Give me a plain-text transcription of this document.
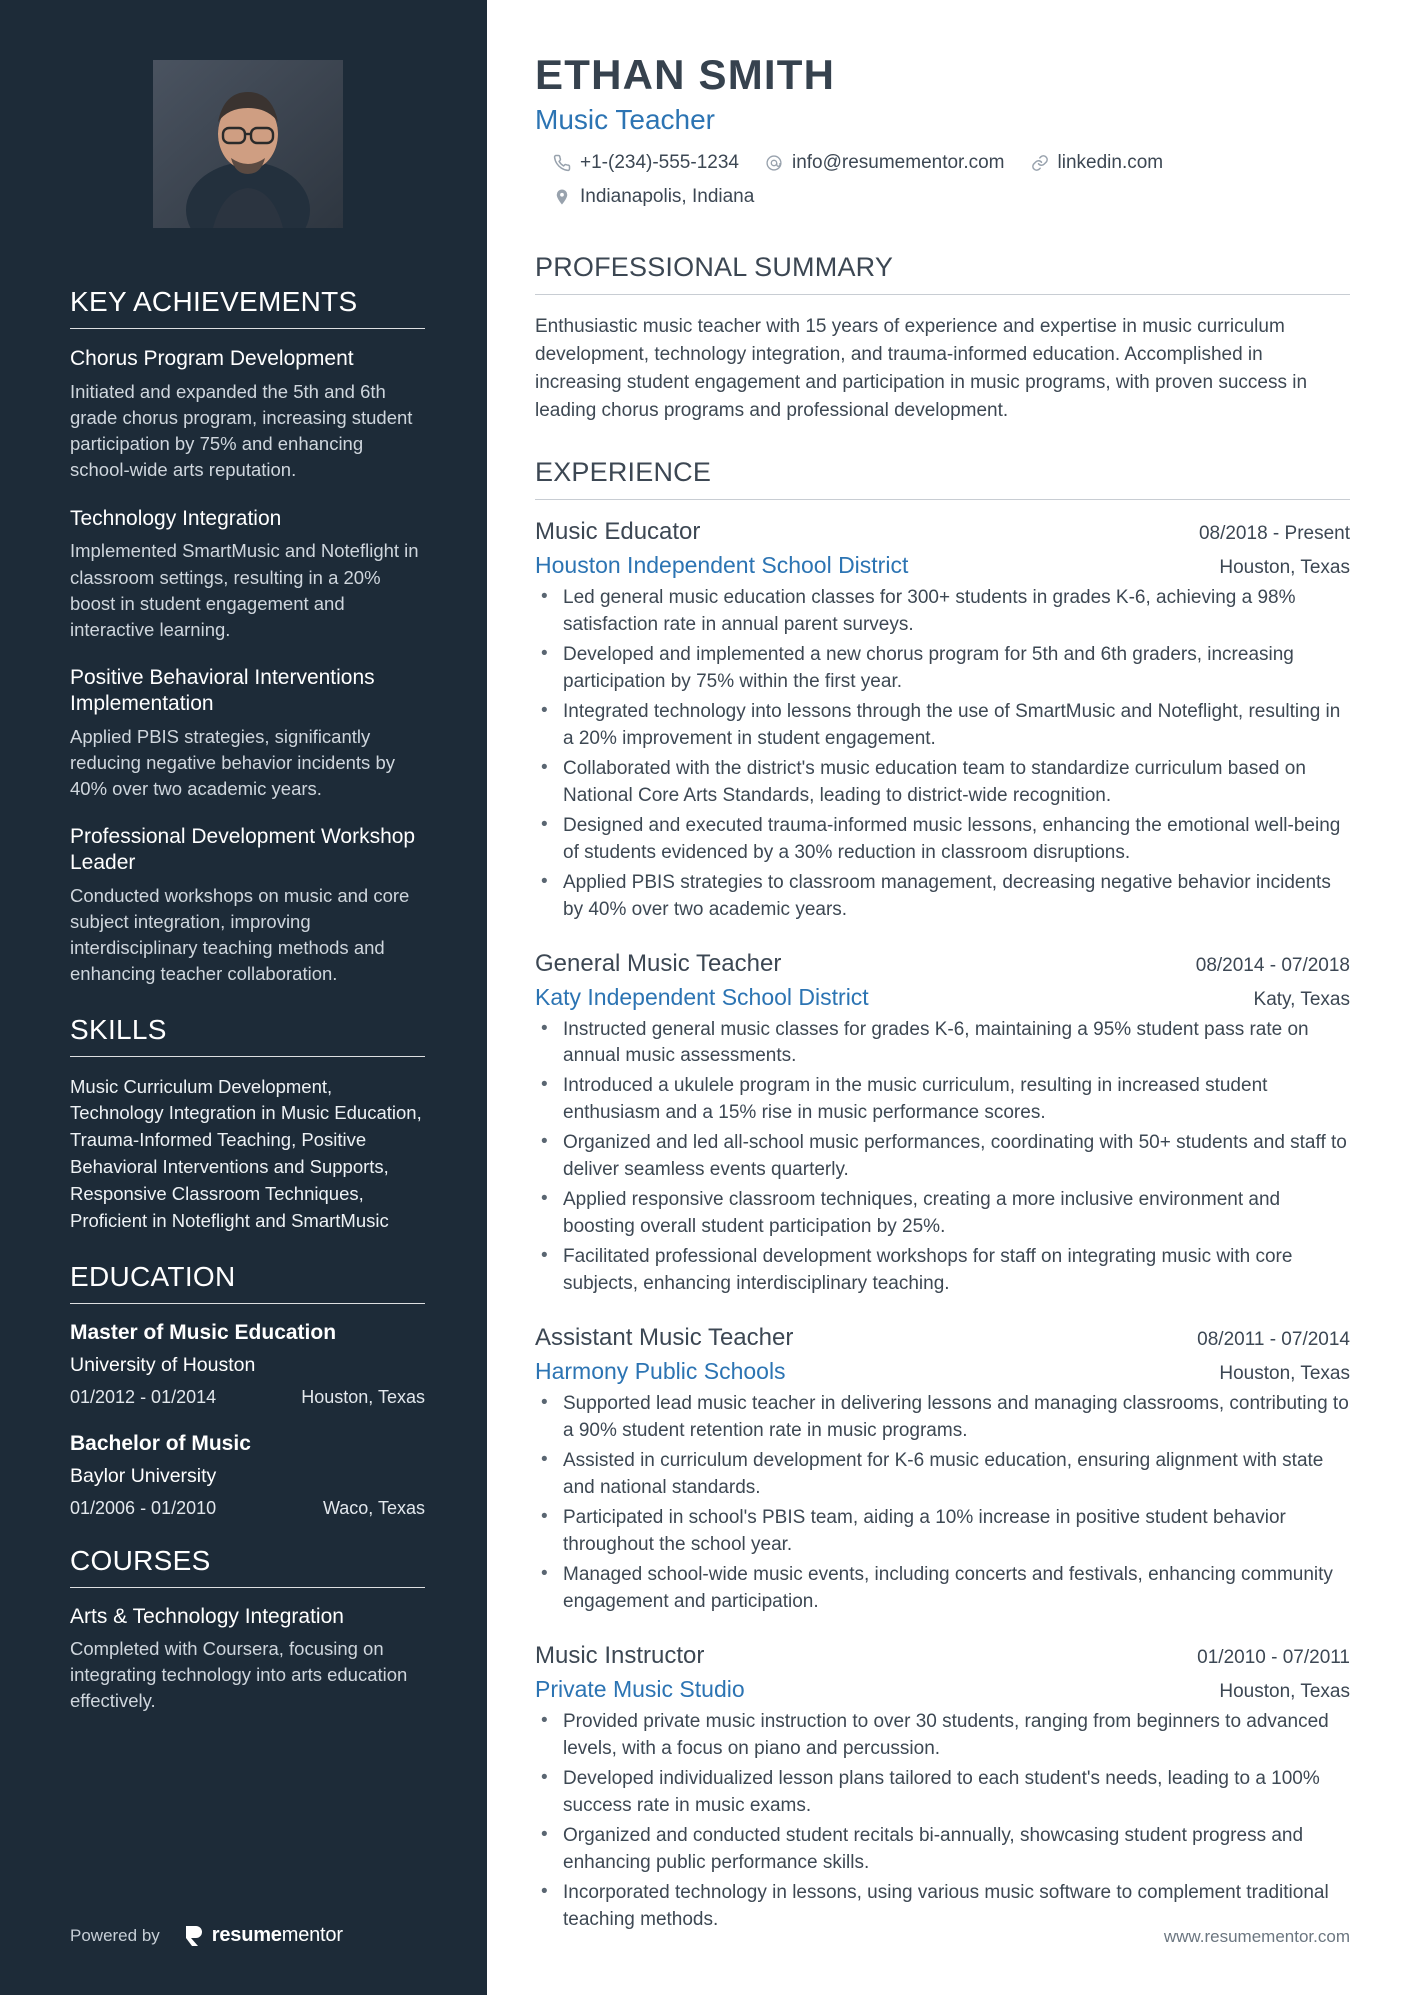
KEY ACHIEVEMENTS
Chorus Program Development
Initiated and expanded the 5th and 6th grade chorus program, increasing student participation by 75% and enhancing school-wide arts reputation.
Technology Integration
Implemented SmartMusic and Noteflight in classroom settings, resulting in a 20% boost in student engagement and interactive learning.
Positive Behavioral Interventions Implementation
Applied PBIS strategies, significantly reducing negative behavior incidents by 40% over two academic years.
Professional Development Workshop Leader
Conducted workshops on music and core subject integration, improving interdisciplinary teaching methods and enhancing teacher collaboration.
SKILLS

Music Curriculum Development, Technology Integration in Music Education, Trauma-Informed Teaching, Positive Behavioral Interventions and Supports, Responsive Classroom Techniques, Proficient in Noteflight and SmartMusic

EDUCATION
Master of Music Education
University of Houston
01/2012 - 01/2014	Houston, Texas
Bachelor of Music
Baylor University
01/2006 - 01/2010	Waco, Texas
COURSES
Arts & Technology Integration
Completed with Coursera, focusing on integrating technology into arts education effectively.
Powered by	resumementor
ETHAN SMITH
Music Teacher
+1-(234)-555-1234	info@resumementor.com	linkedin.com
Indianapolis, Indiana
PROFESSIONAL SUMMARY

Enthusiastic music teacher with 15 years of experience and expertise in music curriculum development, technology integration, and trauma-informed education. Accomplished in increasing student engagement and participation in music programs, with proven success in leading chorus programs and professional development.

EXPERIENCE
Music Educator	08/2018 - Present
Houston Independent School District	Houston, Texas
• Led general music education classes for 300+ students in grades K-6, achieving a 98% satisfaction rate in annual parent surveys.
• Developed and implemented a new chorus program for 5th and 6th graders, increasing participation by 75% within the first year.
• Integrated technology into lessons through the use of SmartMusic and Noteflight, resulting in a 20% improvement in student engagement.
• Collaborated with the district's music education team to standardize curriculum based on National Core Arts Standards, leading to district-wide recognition.
• Designed and executed trauma-informed music lessons, enhancing the emotional well-being of students evidenced by a 30% reduction in classroom disruptions.
• Applied PBIS strategies to classroom management, decreasing negative behavior incidents by 40% over two academic years.
General Music Teacher	08/2014 - 07/2018
Katy Independent School District	Katy, Texas
• Instructed general music classes for grades K-6, maintaining a 95% student pass rate on annual music assessments.
• Introduced a ukulele program in the music curriculum, resulting in increased student enthusiasm and a 15% rise in music performance scores.
• Organized and led all-school music performances, coordinating with 50+ students and staff to deliver seamless events quarterly.
• Applied responsive classroom techniques, creating a more inclusive environment and boosting overall student participation by 25%.
• Facilitated professional development workshops for staff on integrating music with core subjects, enhancing interdisciplinary teaching.
Assistant Music Teacher	08/2011 - 07/2014
Harmony Public Schools	Houston, Texas
• Supported lead music teacher in delivering lessons and managing classrooms, contributing to a 90% student retention rate in music programs.
• Assisted in curriculum development for K-6 music education, ensuring alignment with state and national standards.
• Participated in school's PBIS team, aiding a 10% increase in positive student behavior throughout the school year.
• Managed school-wide music events, including concerts and festivals, enhancing community engagement and participation.
Music Instructor	01/2010 - 07/2011
Private Music Studio	Houston, Texas
• Provided private music instruction to over 30 students, ranging from beginners to advanced levels, with a focus on piano and percussion.
• Developed individualized lesson plans tailored to each student's needs, leading to a 100% success rate in music exams.
• Organized and conducted student recitals bi-annually, showcasing student progress and enhancing public performance skills.
• Incorporated technology in lessons, using various music software to complement traditional teaching methods.
www.resumementor.com
